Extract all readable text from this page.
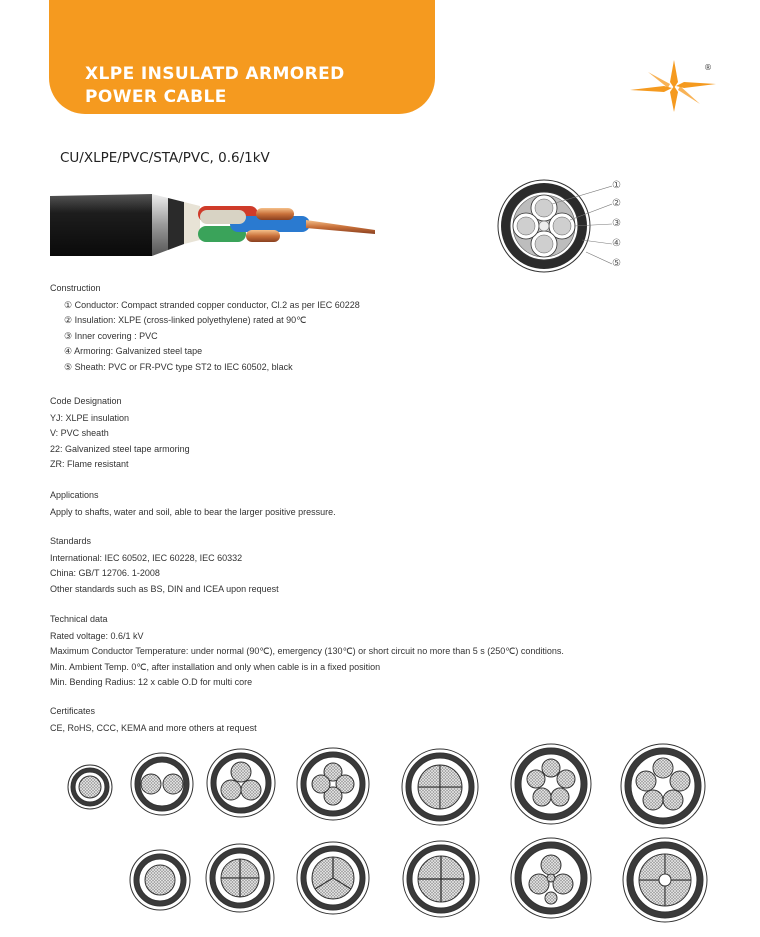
XLPE INSULATD ARMORED
POWER CABLE
®
CU/XLPE/PVC/STA/PVC, 0.6/1kV
①
②
③
④
⑤
Construction
① Conductor: Compact stranded copper conductor, Cl.2 as per IEC 60228
② Insulation: XLPE (cross-linked polyethylene) rated at 90℃
③ Inner covering : PVC
④ Armoring: Galvanized steel tape
⑤ Sheath: PVC or FR-PVC type ST2 to IEC 60502, black
Code Designation
YJ: XLPE insulation
V: PVC sheath
22: Galvanized steel tape armoring
ZR: Flame resistant
Applications
Apply to shafts, water and soil, able to bear the larger positive pressure.
Standards
International: IEC 60502, IEC 60228, IEC 60332
China: GB/T 12706. 1-2008
Other standards such as BS, DIN and ICEA upon request
Technical data
Rated voltage: 0.6/1 kV
Maximum Conductor Temperature: under normal (90℃), emergency (130℃) or short circuit no more than 5 s (250℃) conditions.
Min. Ambient Temp. 0℃, after installation and only when cable is in a fixed position
Min. Bending Radius: 12 x cable O.D for multi core
Certificates
CE, RoHS, CCC, KEMA and more others at request
